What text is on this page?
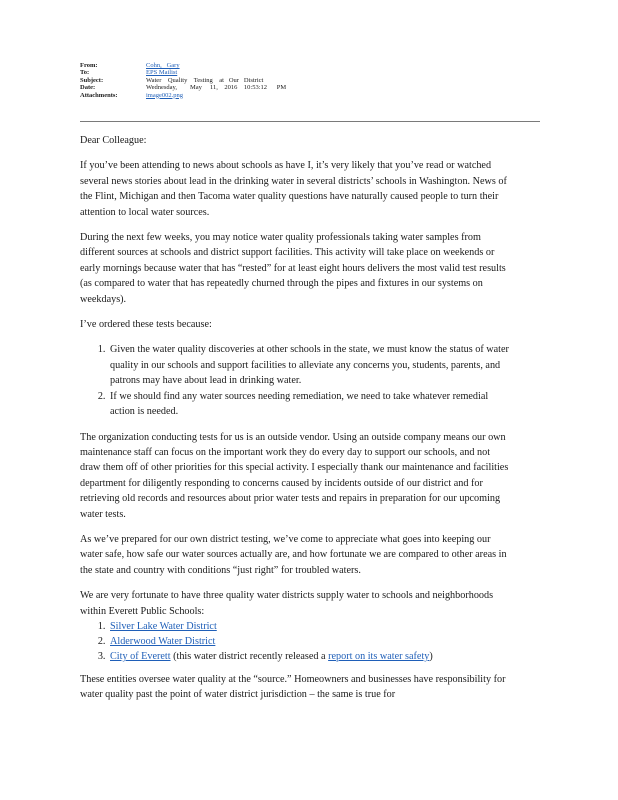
From:	Cohn,   Gary
To:	EPS Mailist
Subject:	Water    Quality    Testing    at   Our   District
Date:	Wednesday,        May     11,    2016    10:53:12      PM
Attachments:	image002.png

Dear Colleague:

If you’ve been attending to news about schools as have I, it’s very likely that you’ve read or watched several news stories about lead in the drinking water in several districts’ schools in Washington. News of the Flint, Michigan and then Tacoma water quality questions have naturally caused people to turn their attention to local water sources.

During the next few weeks, you may notice water quality professionals taking water samples from different sources at schools and district support facilities. This activity will take place on weekends or early mornings because water that has “rested” for at least eight hours delivers the most valid test results (as compared to water that has repeatedly churned through the pipes and fixtures in our systems on weekdays).

I’ve ordered these tests because:

1. Given the water quality discoveries at other schools in the state, we must know the status of water quality in our schools and support facilities to alleviate any concerns you, students, parents, and patrons may have about lead in drinking water.
2. If we should find any water sources needing remediation, we need to take whatever remedial action is needed.

The organization conducting tests for us is an outside vendor. Using an outside company means our own maintenance staff can focus on the important work they do every day to support our schools, and not draw them off of other priorities for this special activity. I especially thank our maintenance and facilities department for diligently responding to concerns caused by incidents outside of our district and for retrieving old records and resources about prior water tests and repairs in preparation for our upcoming water tests.

As we’ve prepared for our own district testing, we’ve come to appreciate what goes into keeping our water safe, how safe our water sources actually are, and how fortunate we are compared to other areas in the state and country with conditions “just right” for troubled waters.

We are very fortunate to have three quality water districts supply water to schools and neighborhoods within Everett Public Schools:

1. Silver Lake Water District
2. Alderwood Water District
3. City of Everett (this water district recently released a report on its water safety)

These entities oversee water quality at the “source.” Homeowners and businesses have responsibility for water quality past the point of water district jurisdiction – the same is true for
